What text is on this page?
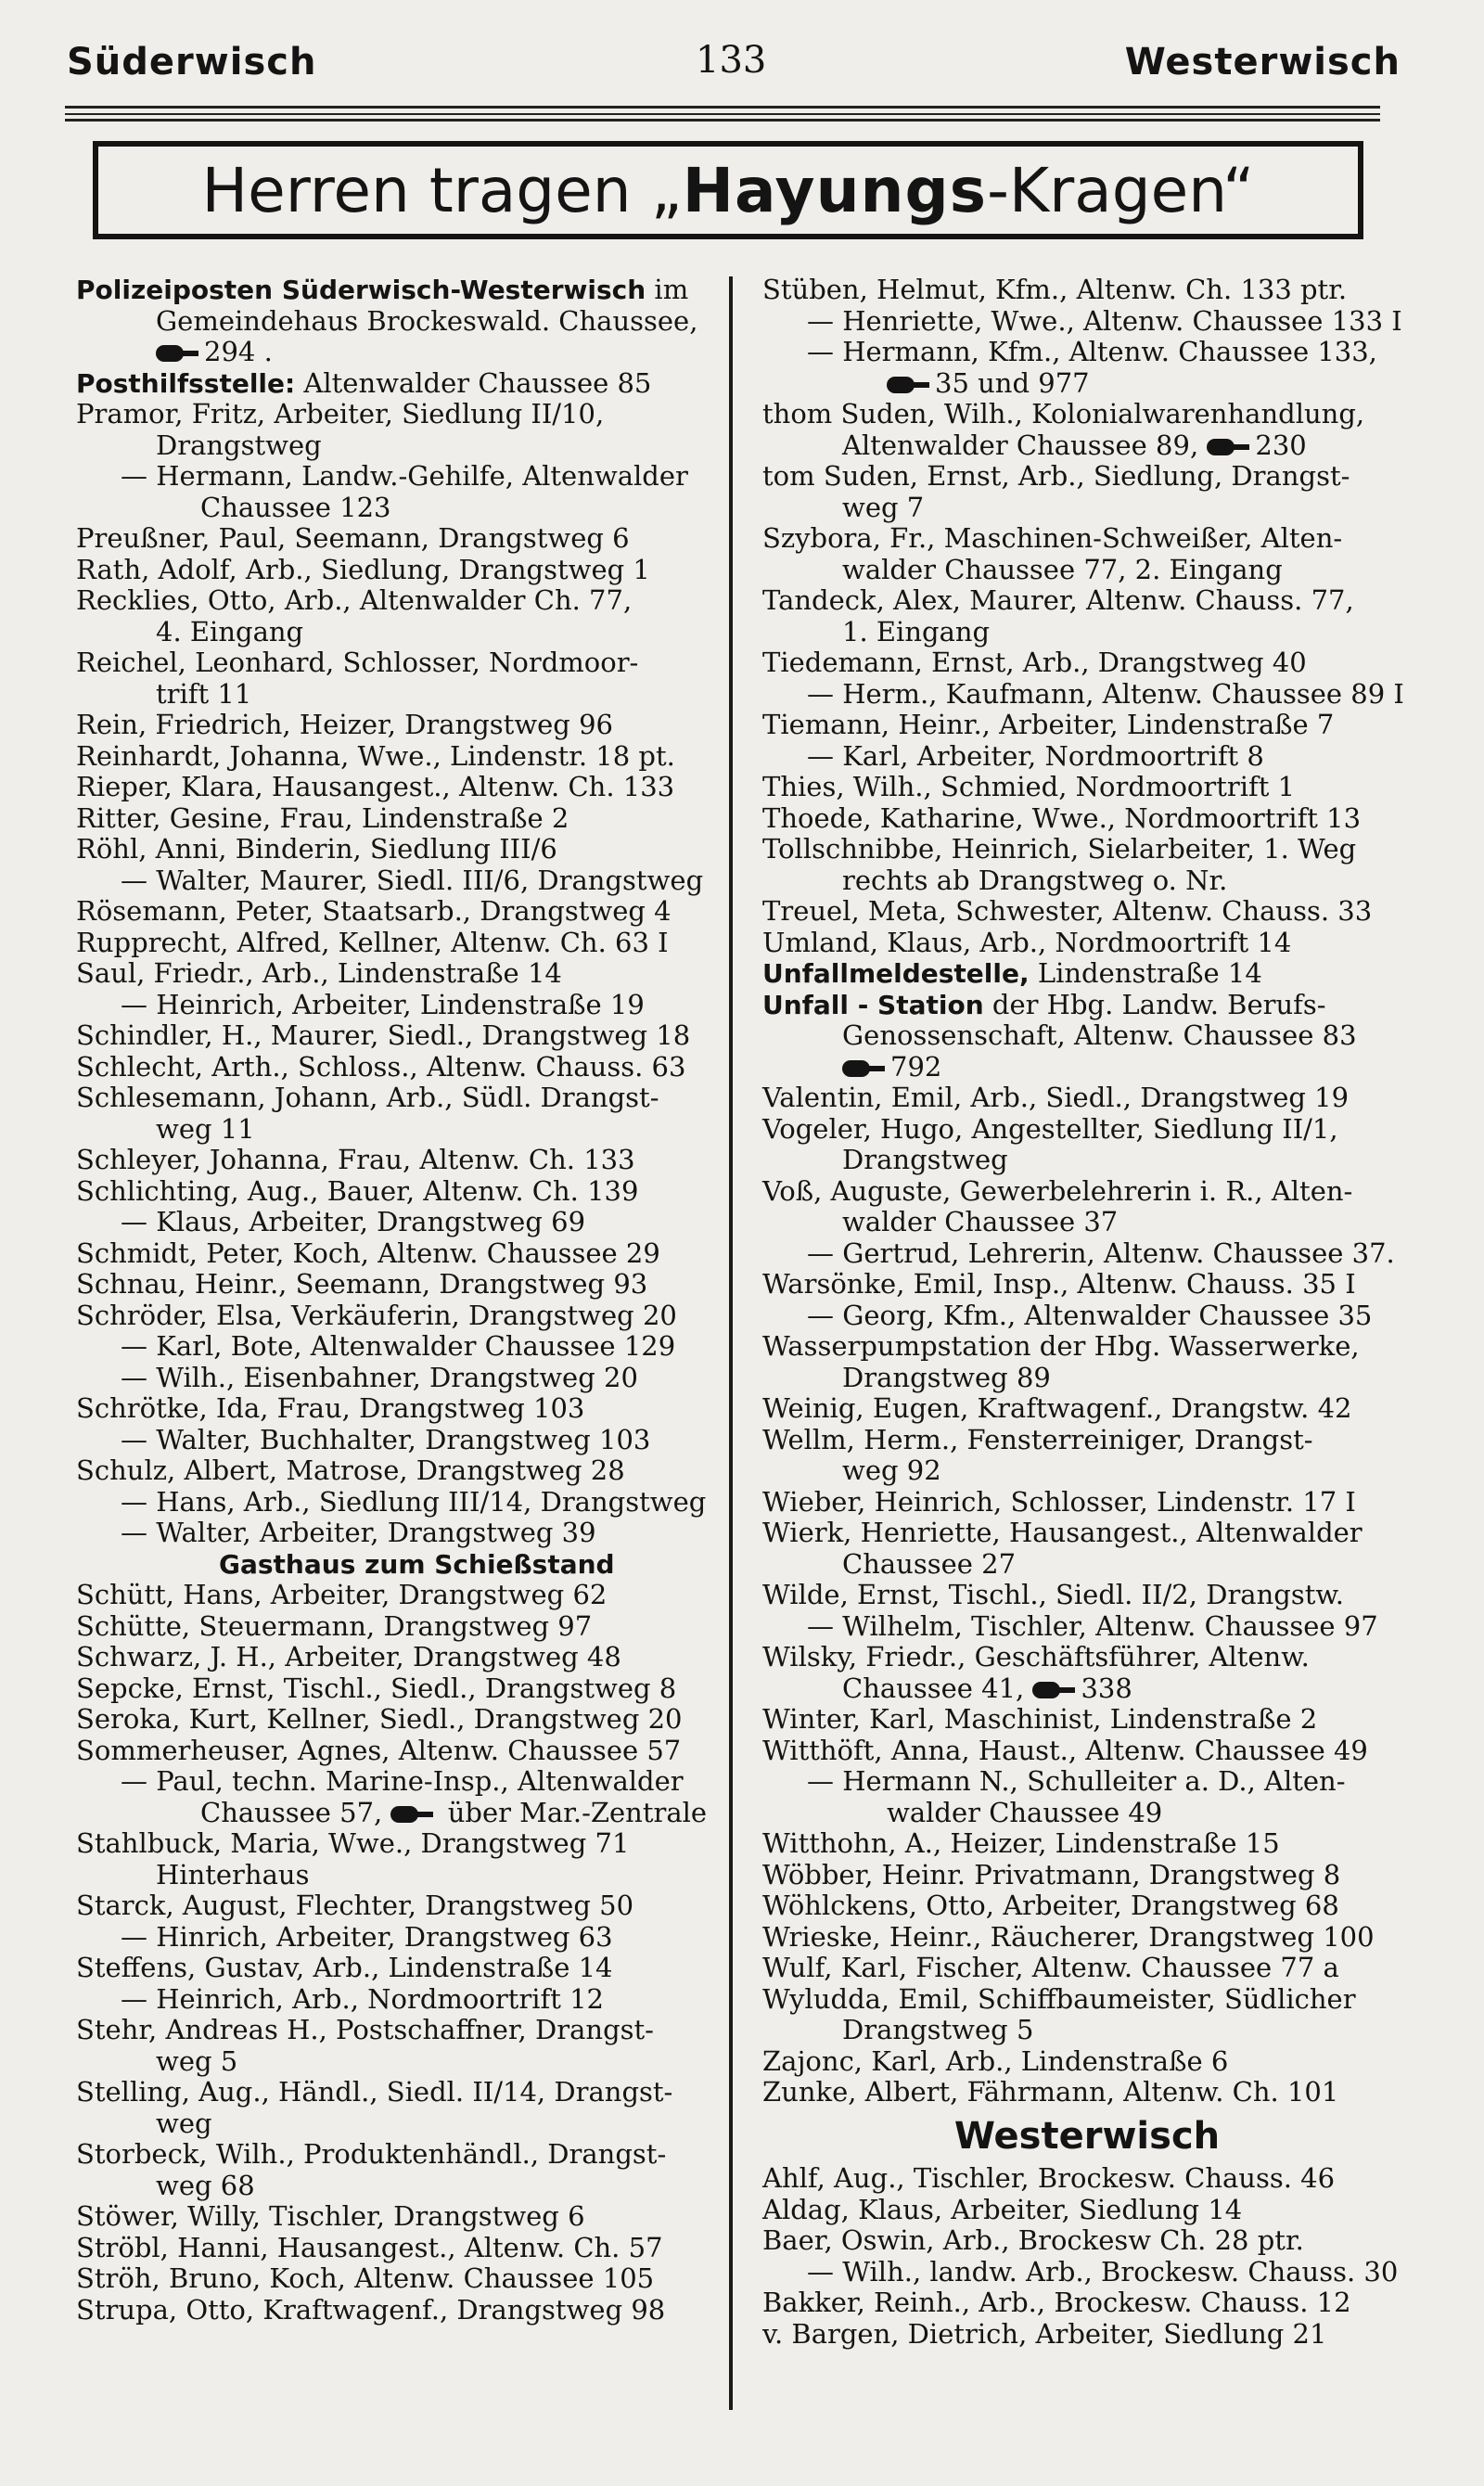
Süderwisch	133	Westerwisch
Herren tragen „ Hayungs -Kragen“
Polizeiposten Süderwisch-Westerwisch im
Gemeindehaus Brockeswald. Chaussee,
294 .
Posthilfsstelle: Altenwalder Chaussee 85
Pramor, Fritz, Arbeiter, Siedlung II/10,
Drangstweg
— Hermann, Landw.-Gehilfe, Altenwalder
Chaussee 123
Preußner, Paul, Seemann, Drangstweg 6
Rath, Adolf, Arb., Siedlung, Drangstweg 1
Recklies, Otto, Arb., Altenwalder Ch. 77,
4. Eingang
Reichel, Leonhard, Schlosser, Nordmoor-
trift 11
Rein, Friedrich, Heizer, Drangstweg 96
Reinhardt, Johanna, Wwe., Lindenstr. 18 pt.
Rieper, Klara, Hausangest., Altenw. Ch. 133
Ritter, Gesine, Frau, Lindenstraße 2
Röhl, Anni, Binderin, Siedlung III/6
— Walter, Maurer, Siedl. III/6, Drangstweg
Rösemann, Peter, Staatsarb., Drangstweg 4
Rupprecht, Alfred, Kellner, Altenw. Ch. 63 I
Saul, Friedr., Arb., Lindenstraße 14
— Heinrich, Arbeiter, Lindenstraße 19
Schindler, H., Maurer, Siedl., Drangstweg 18
Schlecht, Arth., Schloss., Altenw. Chauss. 63
Schlesemann, Johann, Arb., Südl. Drangst-
weg 11
Schleyer, Johanna, Frau, Altenw. Ch. 133
Schlichting, Aug., Bauer, Altenw. Ch. 139
— Klaus, Arbeiter, Drangstweg 69
Schmidt, Peter, Koch, Altenw. Chaussee 29
Schnau, Heinr., Seemann, Drangstweg 93
Schröder, Elsa, Verkäuferin, Drangstweg 20
— Karl, Bote, Altenwalder Chaussee 129
— Wilh., Eisenbahner, Drangstweg 20
Schrötke, Ida, Frau, Drangstweg 103
— Walter, Buchhalter, Drangstweg 103
Schulz, Albert, Matrose, Drangstweg 28
— Hans, Arb., Siedlung III/14, Drangstweg
— Walter, Arbeiter, Drangstweg 39
Gasthaus zum Schießstand
Schütt, Hans, Arbeiter, Drangstweg 62
Schütte, Steuermann, Drangstweg 97
Schwarz, J. H., Arbeiter, Drangstweg 48
Sepcke, Ernst, Tischl., Siedl., Drangstweg 8
Seroka, Kurt, Kellner, Siedl., Drangstweg 20
Sommerheuser, Agnes, Altenw. Chaussee 57
— Paul, techn. Marine-Insp., Altenwalder
Chaussee 57,  über Mar.-Zentrale
Stahlbuck, Maria, Wwe., Drangstweg 71
Hinterhaus
Starck, August, Flechter, Drangstweg 50
— Hinrich, Arbeiter, Drangstweg 63
Steffens, Gustav, Arb., Lindenstraße 14
— Heinrich, Arb., Nordmoortrift 12
Stehr, Andreas H., Postschaffner, Drangst-
weg 5
Stelling, Aug., Händl., Siedl. II/14, Drangst-
weg
Storbeck, Wilh., Produktenhändl., Drangst-
weg 68
Stöwer, Willy, Tischler, Drangstweg 6
Ströbl, Hanni, Hausangest., Altenw. Ch. 57
Ströh, Bruno, Koch, Altenw. Chaussee 105
Strupa, Otto, Kraftwagenf., Drangstweg 98
Stüben, Helmut, Kfm., Altenw. Ch. 133 ptr.
— Henriette, Wwe., Altenw. Chaussee 133 I
— Hermann, Kfm., Altenw. Chaussee 133,
35 und 977
thom Suden, Wilh., Kolonialwarenhandlung,
Altenwalder Chaussee 89, 230
tom Suden, Ernst, Arb., Siedlung, Drangst-
weg 7
Szybora, Fr., Maschinen-Schweißer, Alten-
walder Chaussee 77, 2. Eingang
Tandeck, Alex, Maurer, Altenw. Chauss. 77,
1. Eingang
Tiedemann, Ernst, Arb., Drangstweg 40
— Herm., Kaufmann, Altenw. Chaussee 89 I
Tiemann, Heinr., Arbeiter, Lindenstraße 7
— Karl, Arbeiter, Nordmoortrift 8
Thies, Wilh., Schmied, Nordmoortrift 1
Thoede, Katharine, Wwe., Nordmoortrift 13
Tollschnibbe, Heinrich, Sielarbeiter, 1. Weg
rechts ab Drangstweg o. Nr.
Treuel, Meta, Schwester, Altenw. Chauss. 33
Umland, Klaus, Arb., Nordmoortrift 14
Unfallmeldestelle, Lindenstraße 14
Unfall - Station der Hbg. Landw. Berufs-
Genossenschaft, Altenw. Chaussee 83
792
Valentin, Emil, Arb., Siedl., Drangstweg 19
Vogeler, Hugo, Angestellter, Siedlung II/1,
Drangstweg
Voß, Auguste, Gewerbelehrerin i. R., Alten-
walder Chaussee 37
— Gertrud, Lehrerin, Altenw. Chaussee 37.
Warsönke, Emil, Insp., Altenw. Chauss. 35 I
— Georg, Kfm., Altenwalder Chaussee 35
Wasserpumpstation der Hbg. Wasserwerke,
Drangstweg 89
Weinig, Eugen, Kraftwagenf., Drangstw. 42
Wellm, Herm., Fensterreiniger, Drangst-
weg 92
Wieber, Heinrich, Schlosser, Lindenstr. 17 I
Wierk, Henriette, Hausangest., Altenwalder
Chaussee 27
Wilde, Ernst, Tischl., Siedl. II/2, Drangstw.
— Wilhelm, Tischler, Altenw. Chaussee 97
Wilsky, Friedr., Geschäftsführer, Altenw.
Chaussee 41, 338
Winter, Karl, Maschinist, Lindenstraße 2
Witthöft, Anna, Haust., Altenw. Chaussee 49
— Hermann N., Schulleiter a. D., Alten-
walder Chaussee 49
Witthohn, A., Heizer, Lindenstraße 15
Wöbber, Heinr. Privatmann, Drangstweg 8
Wöhlckens, Otto, Arbeiter, Drangstweg 68
Wrieske, Heinr., Räucherer, Drangstweg 100
Wulf, Karl, Fischer, Altenw. Chaussee 77 a
Wyludda, Emil, Schiffbaumeister, Südlicher
Drangstweg 5
Zajonc, Karl, Arb., Lindenstraße 6
Zunke, Albert, Fährmann, Altenw. Ch. 101
Westerwisch
Ahlf, Aug., Tischler, Brockesw. Chauss. 46
Aldag, Klaus, Arbeiter, Siedlung 14
Baer, Oswin, Arb., Brockesw Ch. 28 ptr.
— Wilh., landw. Arb., Brockesw. Chauss. 30
Bakker, Reinh., Arb., Brockesw. Chauss. 12
v. Bargen, Dietrich, Arbeiter, Siedlung 21
